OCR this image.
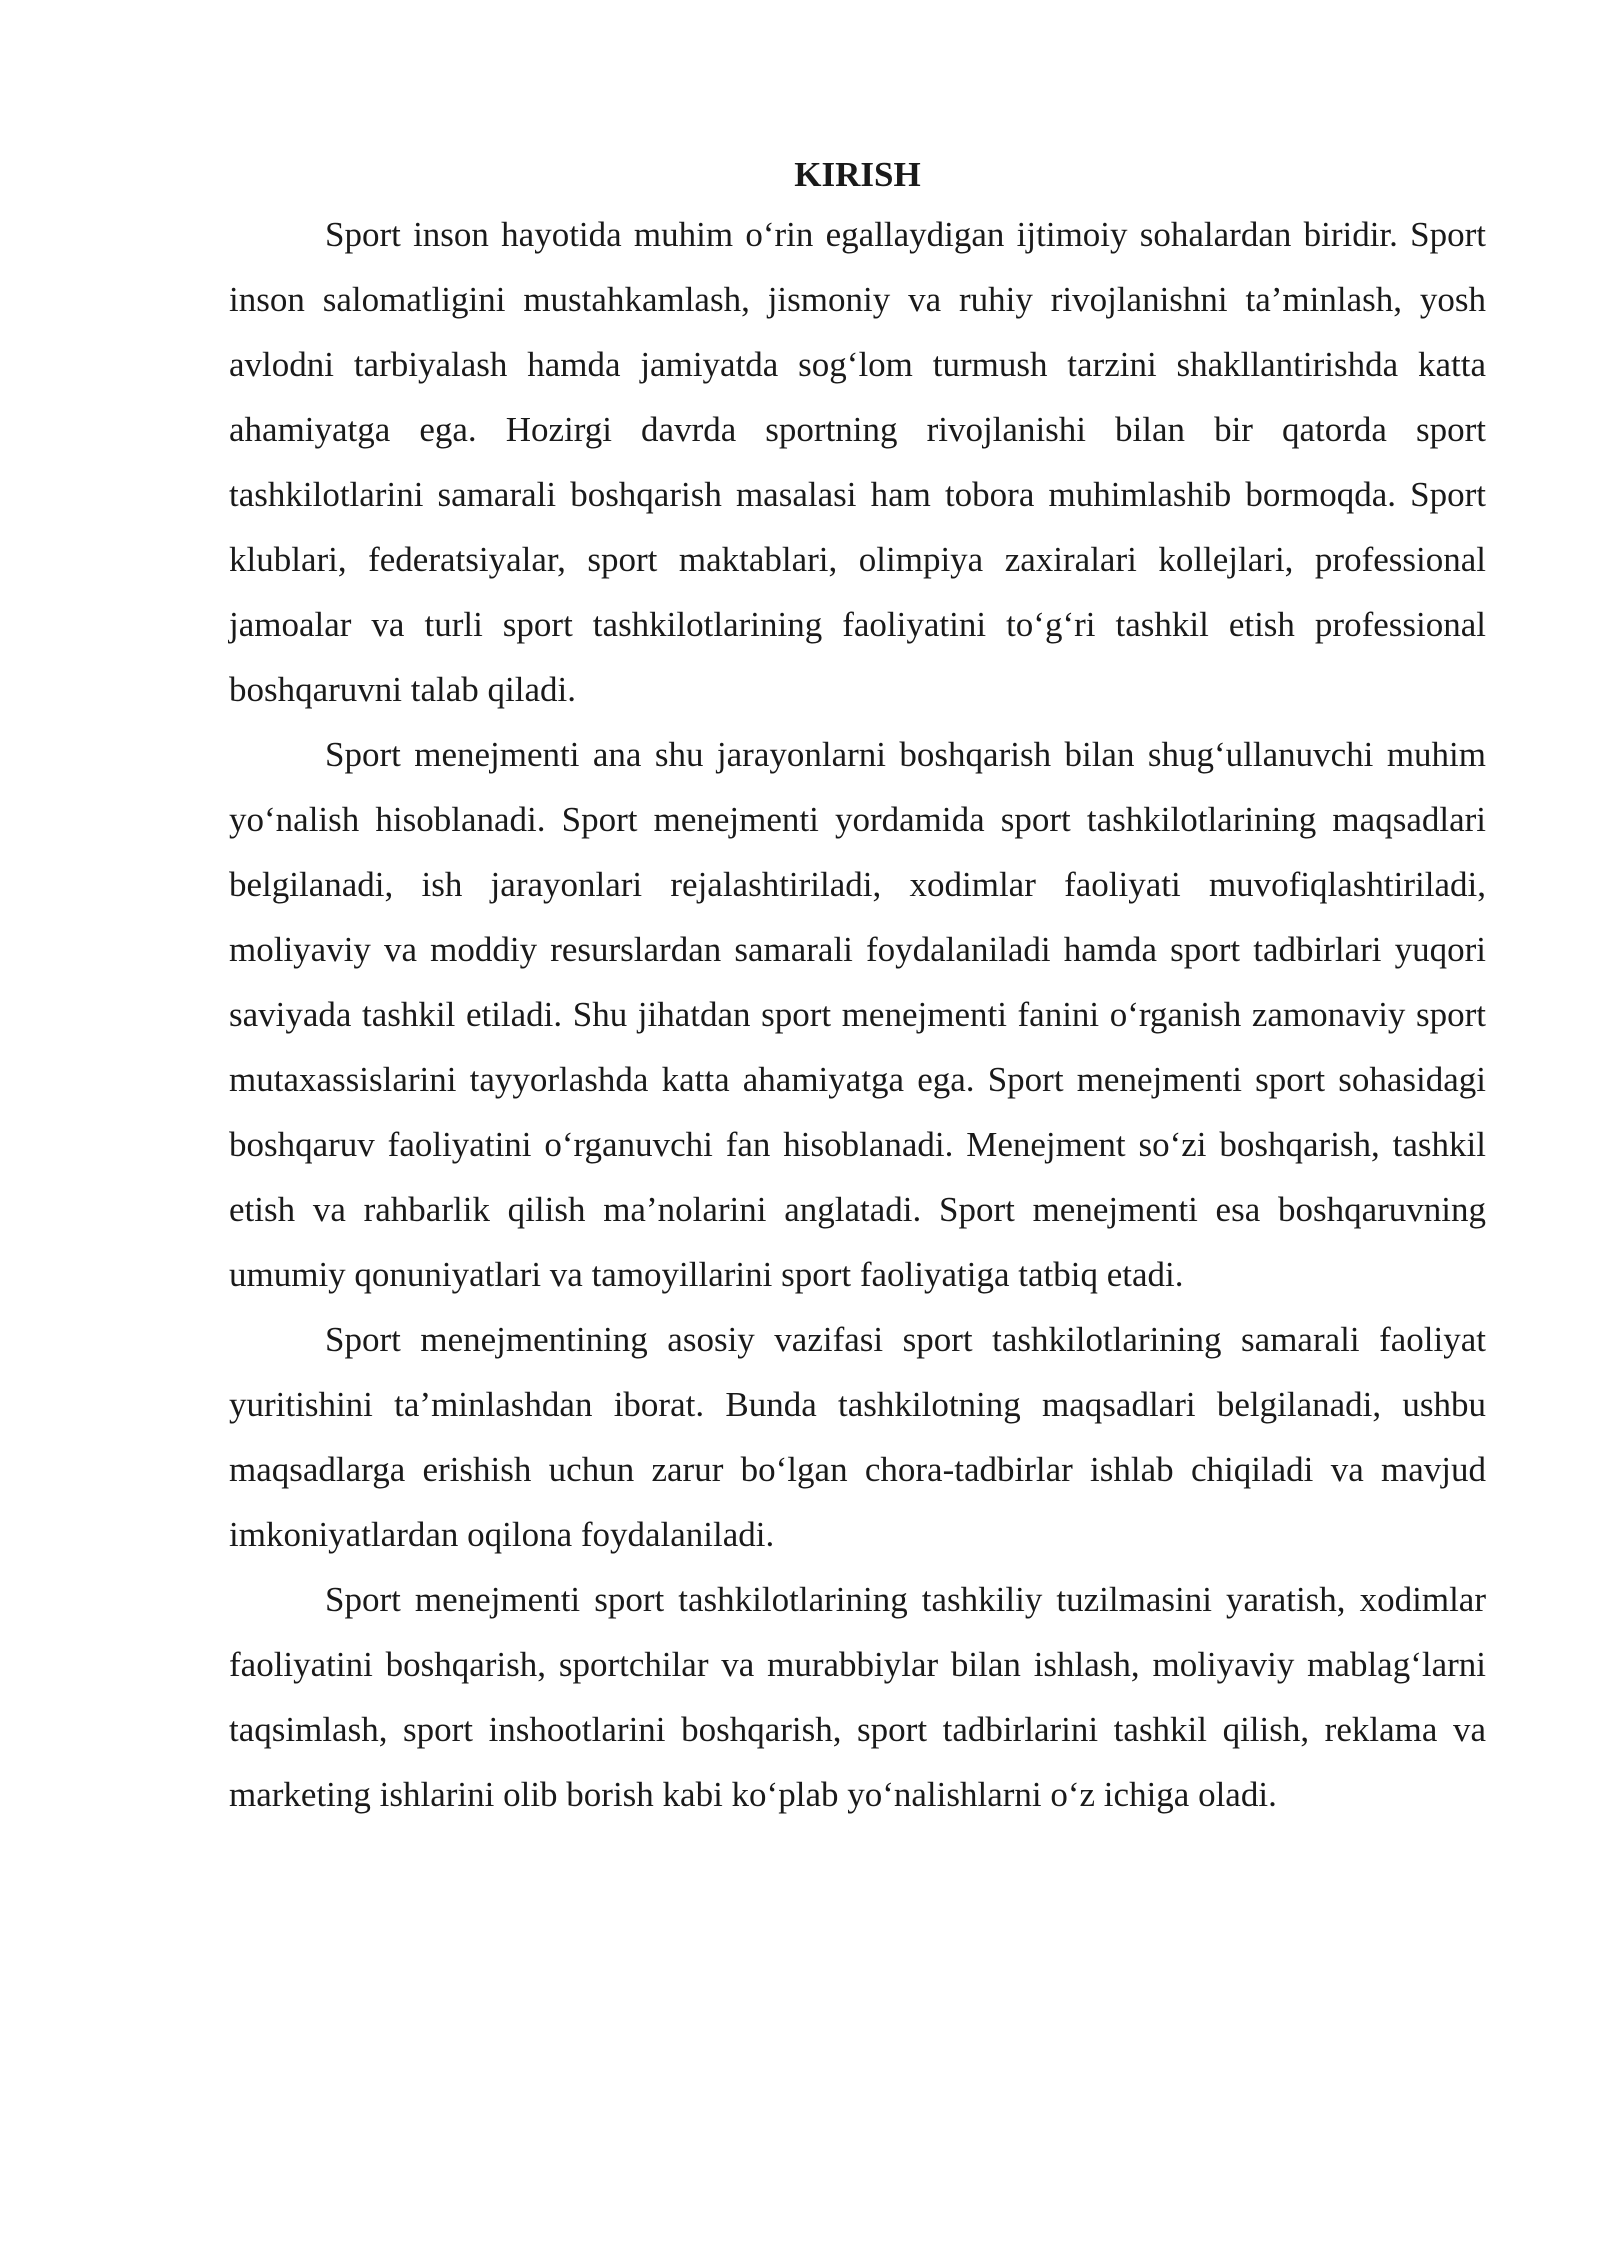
KIRISH

Sport inson hayotida muhim o‘rin egallaydigan ijtimoiy sohalardan biridir. Sport inson salomatligini mustahkamlash, jismoniy va ruhiy rivojlanishni ta’minlash, yosh avlodni tarbiyalash hamda jamiyatda sog‘lom turmush tarzini shakllantirishda katta ahamiyatga ega. Hozirgi davrda sportning rivojlanishi bilan bir qatorda sport tashkilotlarini samarali boshqarish masalasi ham tobora muhimlashib bormoqda. Sport klublari, federatsiyalar, sport maktablari, olimpiya zaxiralari kollejlari, professional jamoalar va turli sport tashkilotlarining faoliyatini to‘g‘ri tashkil etish professional boshqaruvni talab qiladi.

Sport menejmenti ana shu jarayonlarni boshqarish bilan shug‘ullanuvchi muhim yo‘nalish hisoblanadi. Sport menejmenti yordamida sport tashkilotlarining maqsadlari belgilanadi, ish jarayonlari rejalashtiriladi, xodimlar faoliyati muvofiqlashtiriladi, moliyaviy va moddiy resurslardan samarali foydalaniladi hamda sport tadbirlari yuqori saviyada tashkil etiladi. Shu jihatdan sport menejmenti fanini o‘rganish zamonaviy sport mutaxassislarini tayyorlashda katta ahamiyatga ega. Sport menejmenti sport sohasidagi boshqaruv faoliyatini o‘rganuvchi fan hisoblanadi. Menejment so‘zi boshqarish, tashkil etish va rahbarlik qilish ma’nolarini anglatadi. Sport menejmenti esa boshqaruvning umumiy qonuniyatlari va tamoyillarini sport faoliyatiga tatbiq etadi.

Sport menejmentining asosiy vazifasi sport tashkilotlarining samarali faoliyat yuritishini ta’minlashdan iborat. Bunda tashkilotning maqsadlari belgilanadi, ushbu maqsadlarga erishish uchun zarur bo‘lgan chora-tadbirlar ishlab chiqiladi va mavjud imkoniyatlardan oqilona foydalaniladi.

Sport menejmenti sport tashkilotlarining tashkiliy tuzilmasini yaratish, xodimlar faoliyatini boshqarish, sportchilar va murabbiylar bilan ishlash, moliyaviy mablag‘larni taqsimlash, sport inshootlarini boshqarish, sport tadbirlarini tashkil qilish, reklama va marketing ishlarini olib borish kabi ko‘plab yo‘nalishlarni o‘z ichiga oladi.
